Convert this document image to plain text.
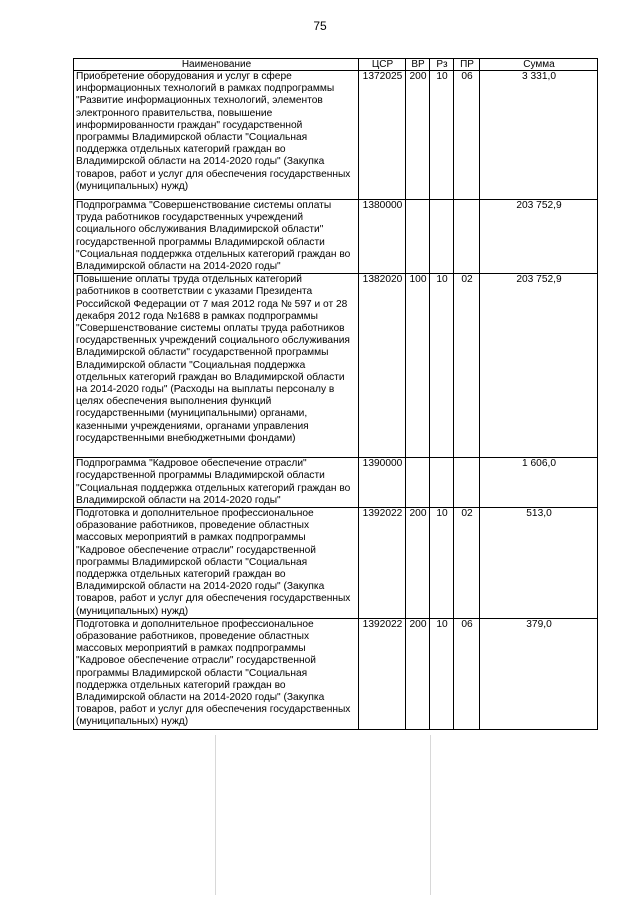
75
Наименование	ЦСР	ВР	Рз	ПР	Сумма
Приобретение оборудования и услуг в сфере информационных технологий в рамках подпрограммы "Развитие информационных технологий, элементов электронного правительства, повышение информированности граждан" государственной программы Владимирской области "Социальная поддержка отдельных категорий граждан во Владимирской области на 2014-2020 годы" (Закупка товаров, работ и услуг для обеспечения государственных (муниципальных) нужд)	1372025	200	10	06	3 331,0
Подпрограмма "Совершенствование системы оплаты труда работников государственных учреждений социального обслуживания Владимирской области" государственной программы Владимирской области "Социальная поддержка отдельных категорий граждан во Владимирской области на 2014-2020 годы"	1380000				203 752,9
Повышение оплаты труда отдельных категорий работников в соответствии с указами Президента Российской Федерации от 7 мая 2012 года № 597 и от 28 декабря 2012 года №1688 в рамках подпрограммы "Совершенствование системы оплаты труда работников государственных учреждений социального обслуживания Владимирской области" государственной программы Владимирской области "Социальная поддержка отдельных категорий граждан во Владимирской области на 2014-2020 годы" (Расходы на выплаты персоналу в целях обеспечения выполнения функций государственными (муниципальными) органами, казенными учреждениями, органами управления государственными внебюджетными фондами)	1382020	100	10	02	203 752,9
Подпрограмма "Кадровое обеспечение отрасли" государственной программы Владимирской области "Социальная поддержка отдельных категорий граждан во Владимирской области на 2014-2020 годы"	1390000				1 606,0
Подготовка и дополнительное профессиональное образование работников, проведение областных массовых мероприятий в рамках подпрограммы "Кадровое обеспечение отрасли" государственной программы Владимирской области "Социальная поддержка отдельных категорий граждан во Владимирской области на 2014-2020 годы" (Закупка товаров, работ и услуг для обеспечения государственных (муниципальных) нужд)	1392022	200	10	02	513,0
Подготовка и дополнительное профессиональное образование работников, проведение областных массовых мероприятий в рамках подпрограммы "Кадровое обеспечение отрасли" государственной программы Владимирской области "Социальная поддержка отдельных категорий граждан во Владимирской области на 2014-2020 годы" (Закупка товаров, работ и услуг для обеспечения государственных (муниципальных) нужд)	1392022	200	10	06	379,0
